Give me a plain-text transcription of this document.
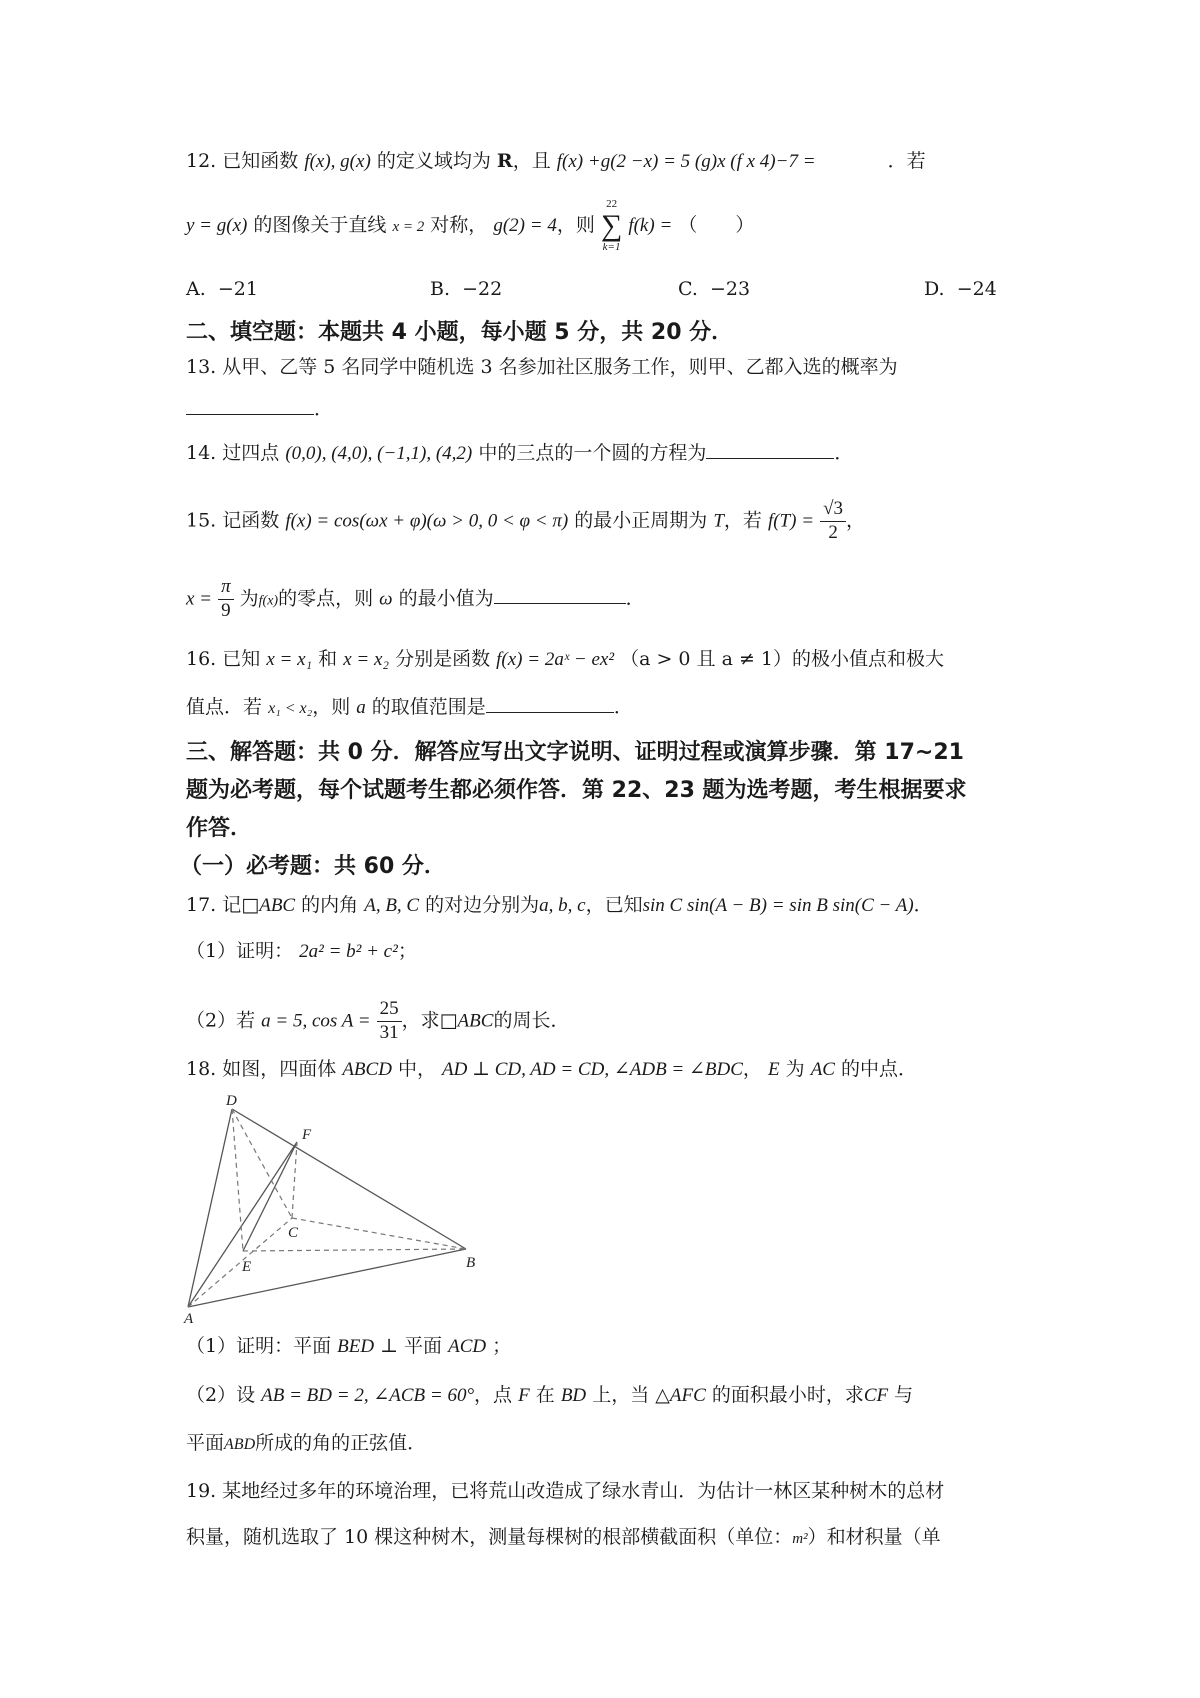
12. 已知函数 f(x), g(x) 的定义域均为 R，且 f(x) +g(2 −x) = 5 (g)x (f x 4)−7 =	．若
y = g(x) 的图像关于直线 x = 2 对称， g(2) = 4，则
22
∑
k=1
f(k) = （　　）
A. −21	B. −22	C. −23	D. −24
二、填空题：本题共 4 小题，每小题 5 分，共 20 分．
13. 从甲、乙等 5 名同学中随机选 3 名参加社区服务工作，则甲、乙都入选的概率为
．
14. 过四点 (0,0), (4,0), (−1,1), (4,2) 中的三点的一个圆的方程为	．
15. 记函数 f(x) = cos(ωx + φ)(ω > 0, 0 < φ < π) 的最小正周期为 T，若 $f(T) = \frac{√3}{2}$ ，
$x = \frac{\pi}{9}$ 为f(x)的零点，则 ω 的最小值为	．
16. 已知 x = x₁ 和 x = x₂ 分别是函数 f(x) = 2aˣ − ex² （a > 0 且 a ≠ 1）的极小值点和极大
值点．若 x₁ < x₂，则 a 的取值范围是	．
三、解答题：共 0 分．解答应写出文字说明、证明过程或演算步骤．第 17~21
题为必考题，每个试题考生都必须作答．第 22、23 题为选考题，考生根据要求
作答．
（一）必考题：共 60 分．
17. 记□ABC 的内角 A, B, C 的对边分别为a, b, c，已知sin C sin(A − B) = sin B sin(C − A)．
（1）证明： 2a² = b² + c²；
（2）若 a = 5, $\cos A = \frac{25}{31}$ ，求□ABC的周长．
18. 如图，四面体 ABCD 中， AD ⊥ CD, AD = CD, ∠ADB = ∠BDC， E 为 AC 的中点．
D
F
C
E	B
A
（1）证明：平面 BED ⊥ 平面 ACD ；
（2）设 AB = BD = 2, ∠ACB = 60°，点 F 在 BD 上，当 △AFC 的面积最小时，求CF 与
平面ABD所成的角的正弦值．
19. 某地经过多年的环境治理，已将荒山改造成了绿水青山．为估计一林区某种树木的总材
积量，随机选取了 10 棵这种树木，测量每棵树的根部横截面积（单位：m²）和材积量（单
